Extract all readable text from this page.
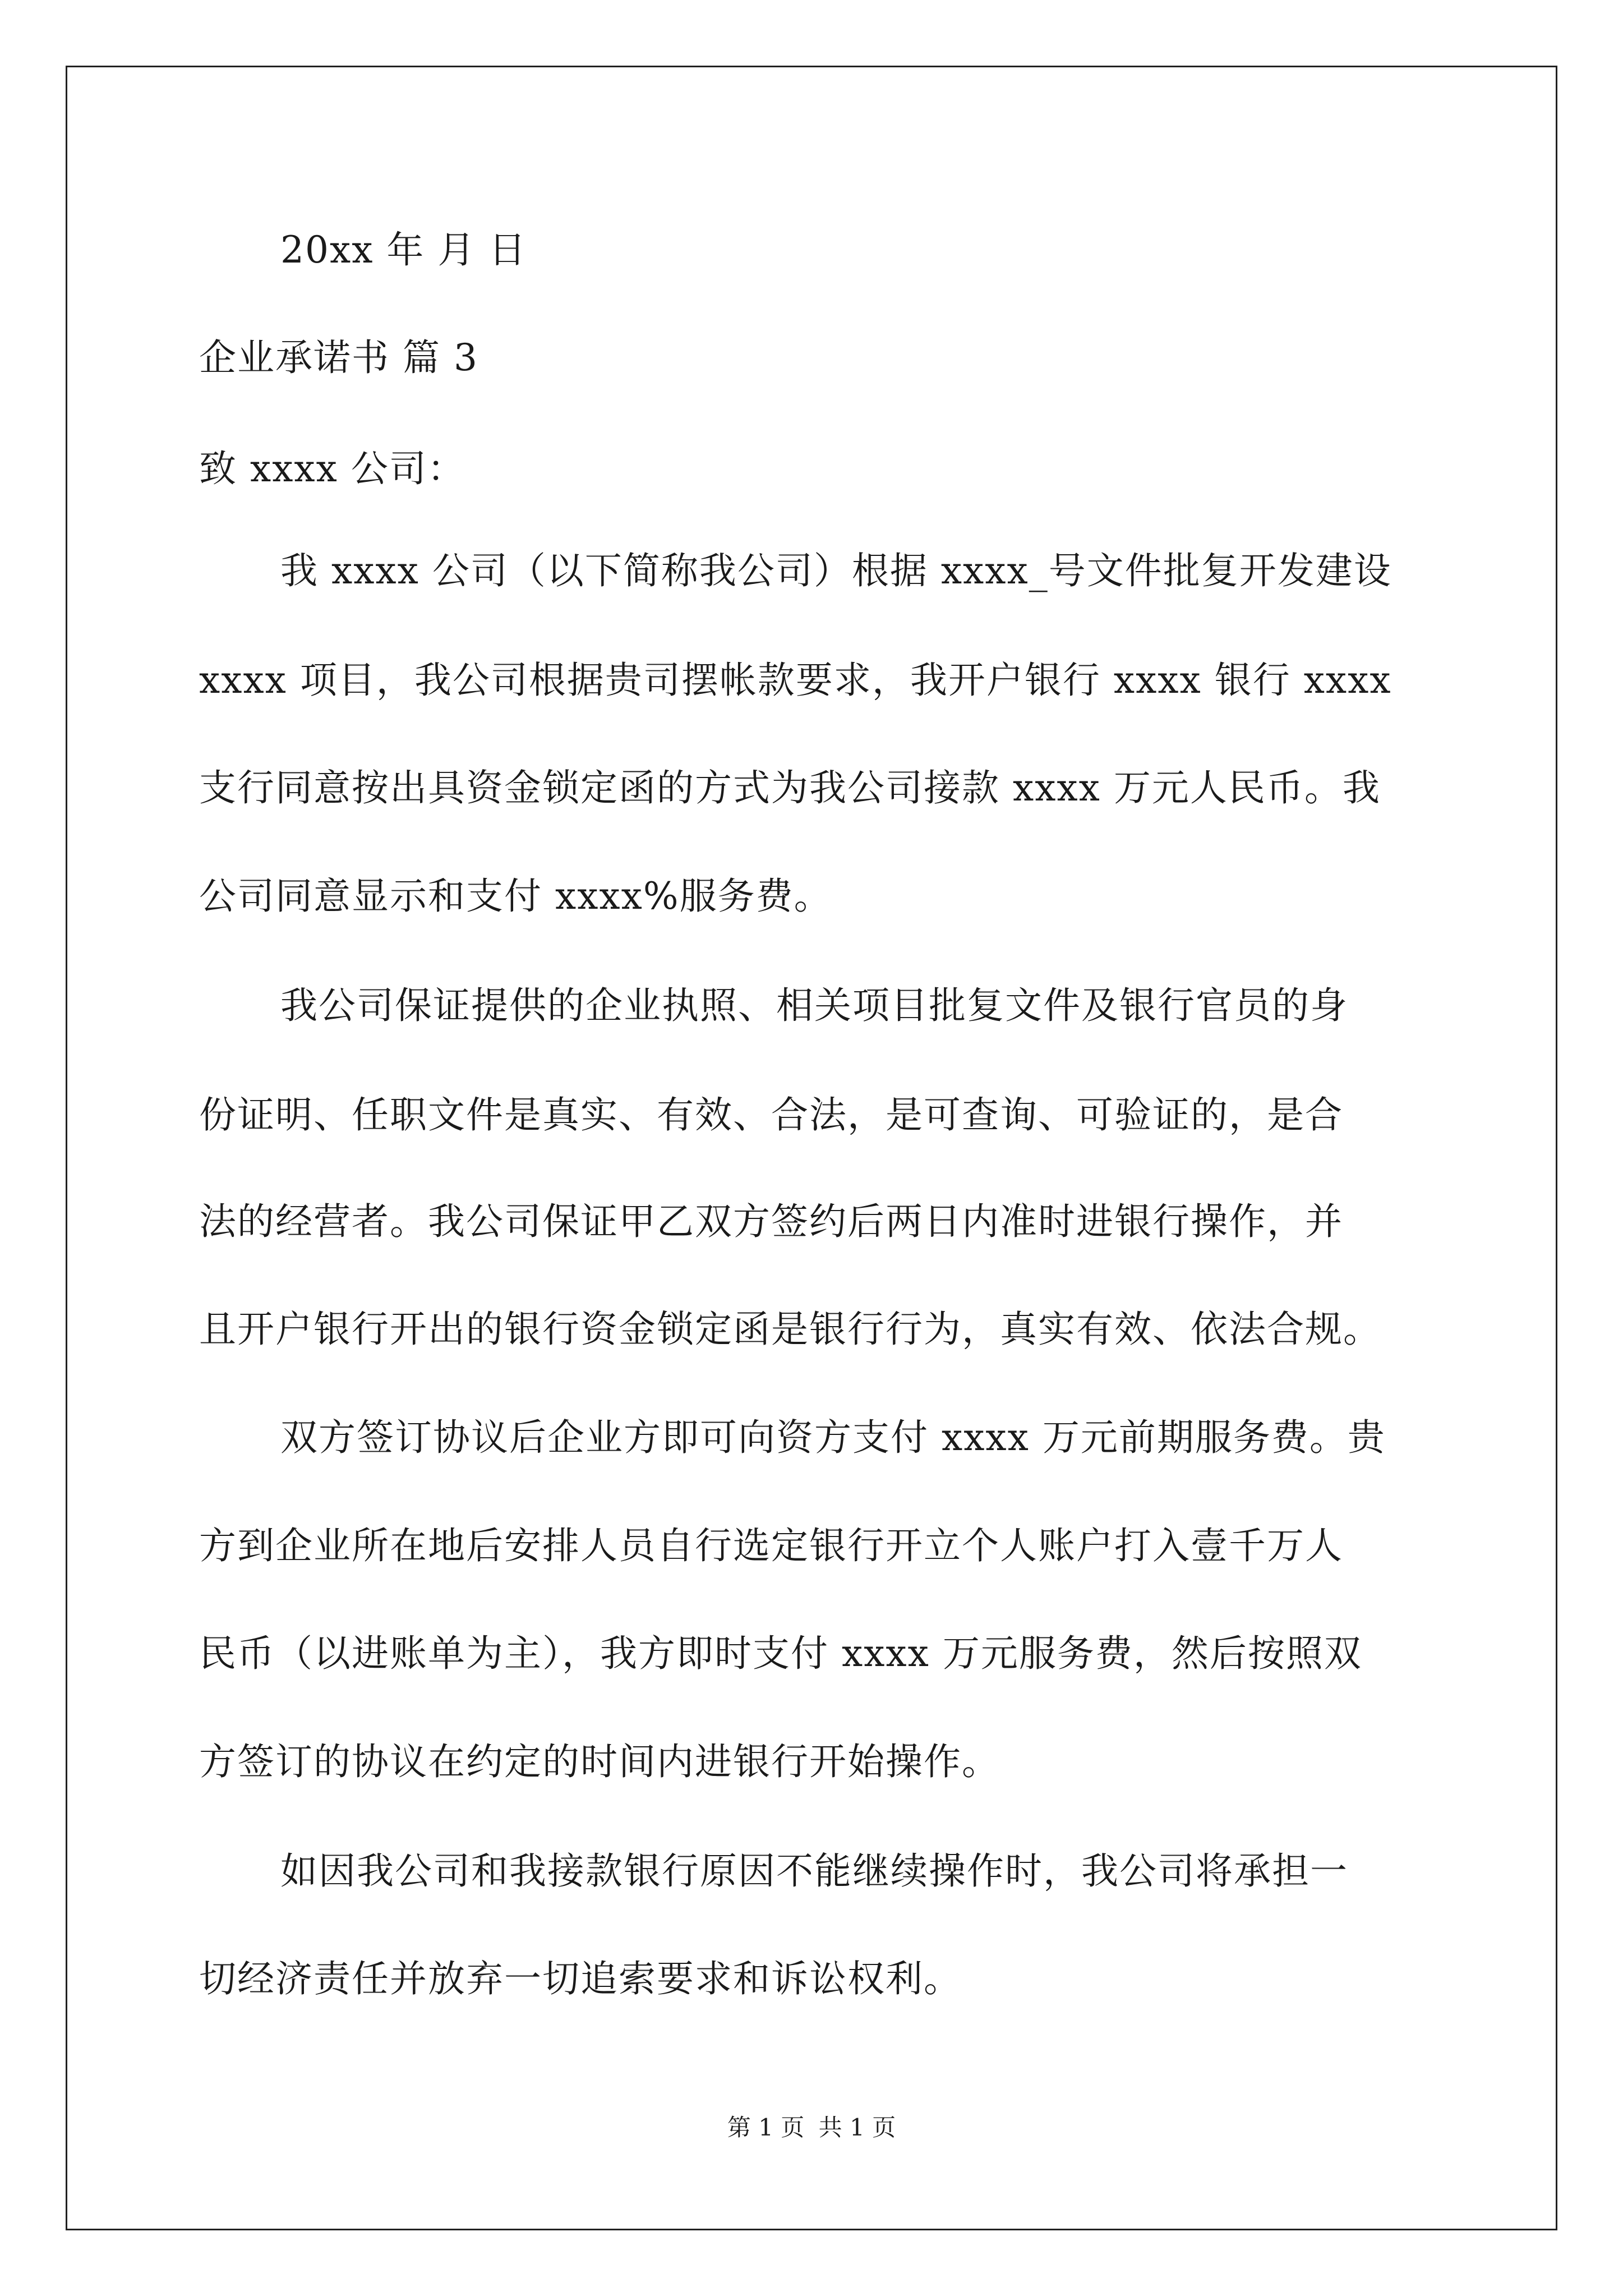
20xx 年 月 日
企业承诺书 篇 3
致 xxxx 公司：
我 xxxx 公司（以下简称我公司）根据 xxxx_号文件批复开发建设
xxxx 项目，我公司根据贵司摆帐款要求，我开户银行 xxxx 银行 xxxx
支行同意按出具资金锁定函的方式为我公司接款 xxxx 万元人民币。我
公司同意显示和支付 xxxx%服务费。
我公司保证提供的企业执照、相关项目批复文件及银行官员的身
份证明、任职文件是真实、有效、合法，是可查询、可验证的，是合
法的经营者。我公司保证甲乙双方签约后两日内准时进银行操作，并
且开户银行开出的银行资金锁定函是银行行为，真实有效、依法合规。
双方签订协议后企业方即可向资方支付 xxxx 万元前期服务费。贵
方到企业所在地后安排人员自行选定银行开立个人账户打入壹千万人
民币（以进账单为主），我方即时支付 xxxx 万元服务费，然后按照双
方签订的协议在约定的时间内进银行开始操作。
如因我公司和我接款银行原因不能继续操作时，我公司将承担一
切经济责任并放弃一切追索要求和诉讼权利。
第 1 页 共 1 页
